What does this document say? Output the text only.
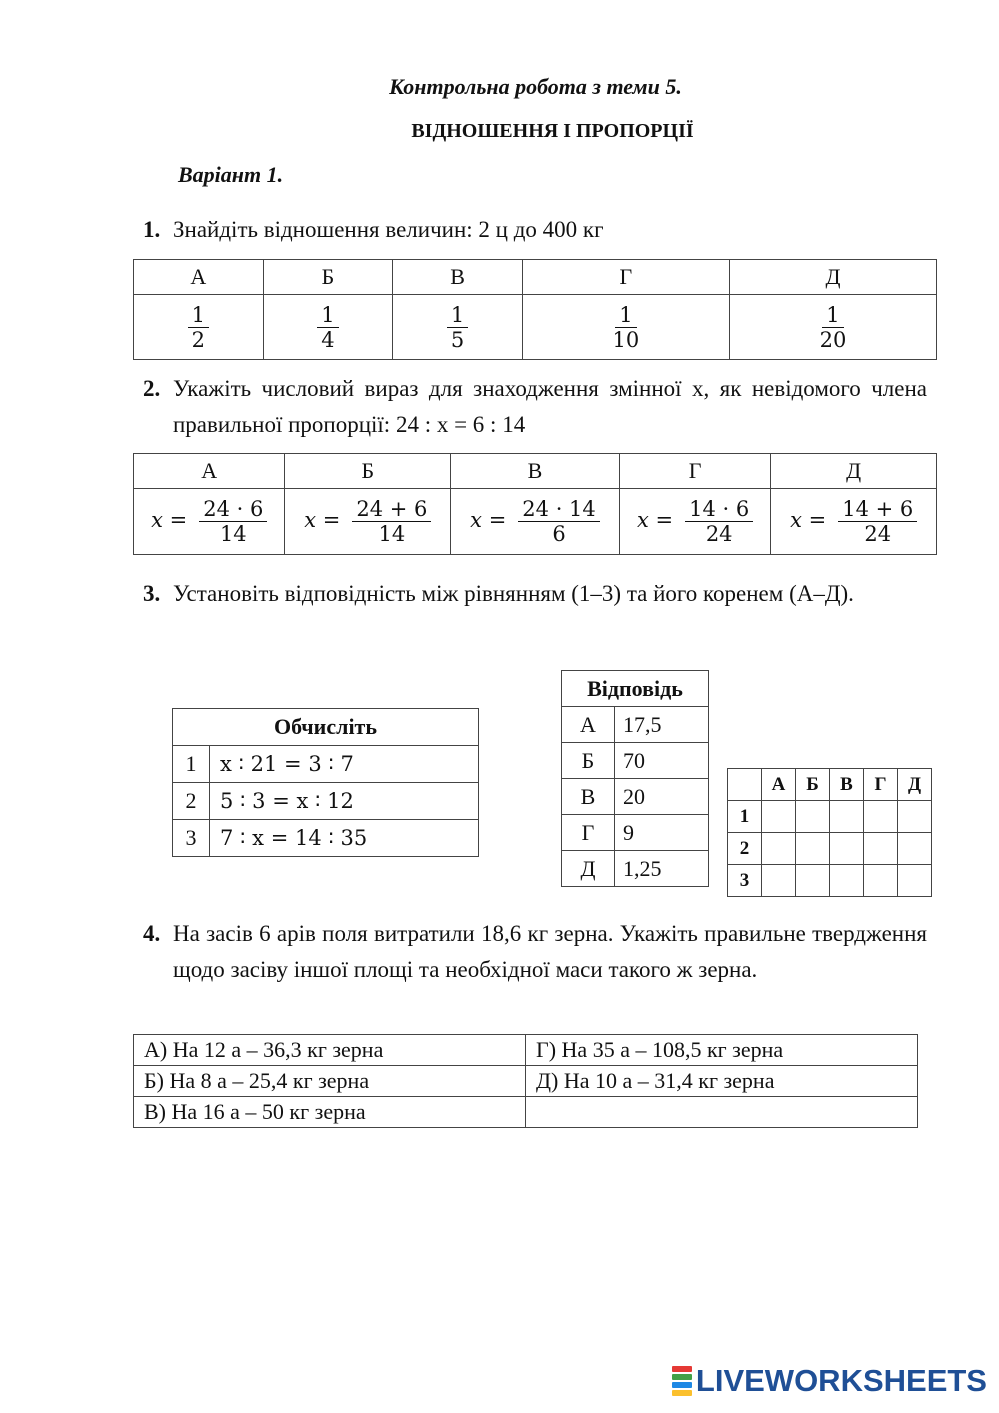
Контрольна робота з теми 5.
ВІДНОШЕННЯ І ПРОПОРЦІЇ
Варіант 1.
1. Знайдіть відношення величин: 2 ц до 400 кг
А	Б	В	Г	Д

$\frac{1}{2}$	$\frac{1}{4}$	$\frac{1}{5}$	$\frac{1}{10}$	$\frac{1}{20}$
2. Укажіть числовий вираз для знаходження змінної x, як невідомого члена правильної пропорції: 24 : x = 6 : 14
А	Б	В	Г	Д
$x = \frac{24 \cdot 6}{14}$	$x = \frac{24 + 6}{14}$	$x = \frac{24 \cdot 14}{6}$	$x = \frac{14 \cdot 6}{24}$	$x = \frac{14 + 6}{24}$
3. Установіть відповідність між рівнянням (1–3) та його коренем (А–Д).
Обчисліть	
1	x ∶ 21 = 3 ∶ 7
2	5 ∶ 3 = x ∶ 12
3	7 ∶ x = 14 ∶ 35
Відповідь	
А	17,5
Б	70
В	20
Г	9
Д	1,25
	А	Б	В	Г	Д
1					
2					
3					
4. На засів 6 арів поля витратили 18,6 кг зерна. Укажіть правильне твердження щодо засіву іншої площі та необхідної маси такого ж зерна.
А) На 12 а – 36,3 кг зерна	Г) На 35 а – 108,5 кг зерна
Б) На 8 а – 25,4 кг зерна	Д) На 10 а – 31,4 кг зерна
В) На 16 а – 50 кг зерна	
LIVEWORKSHEETS
